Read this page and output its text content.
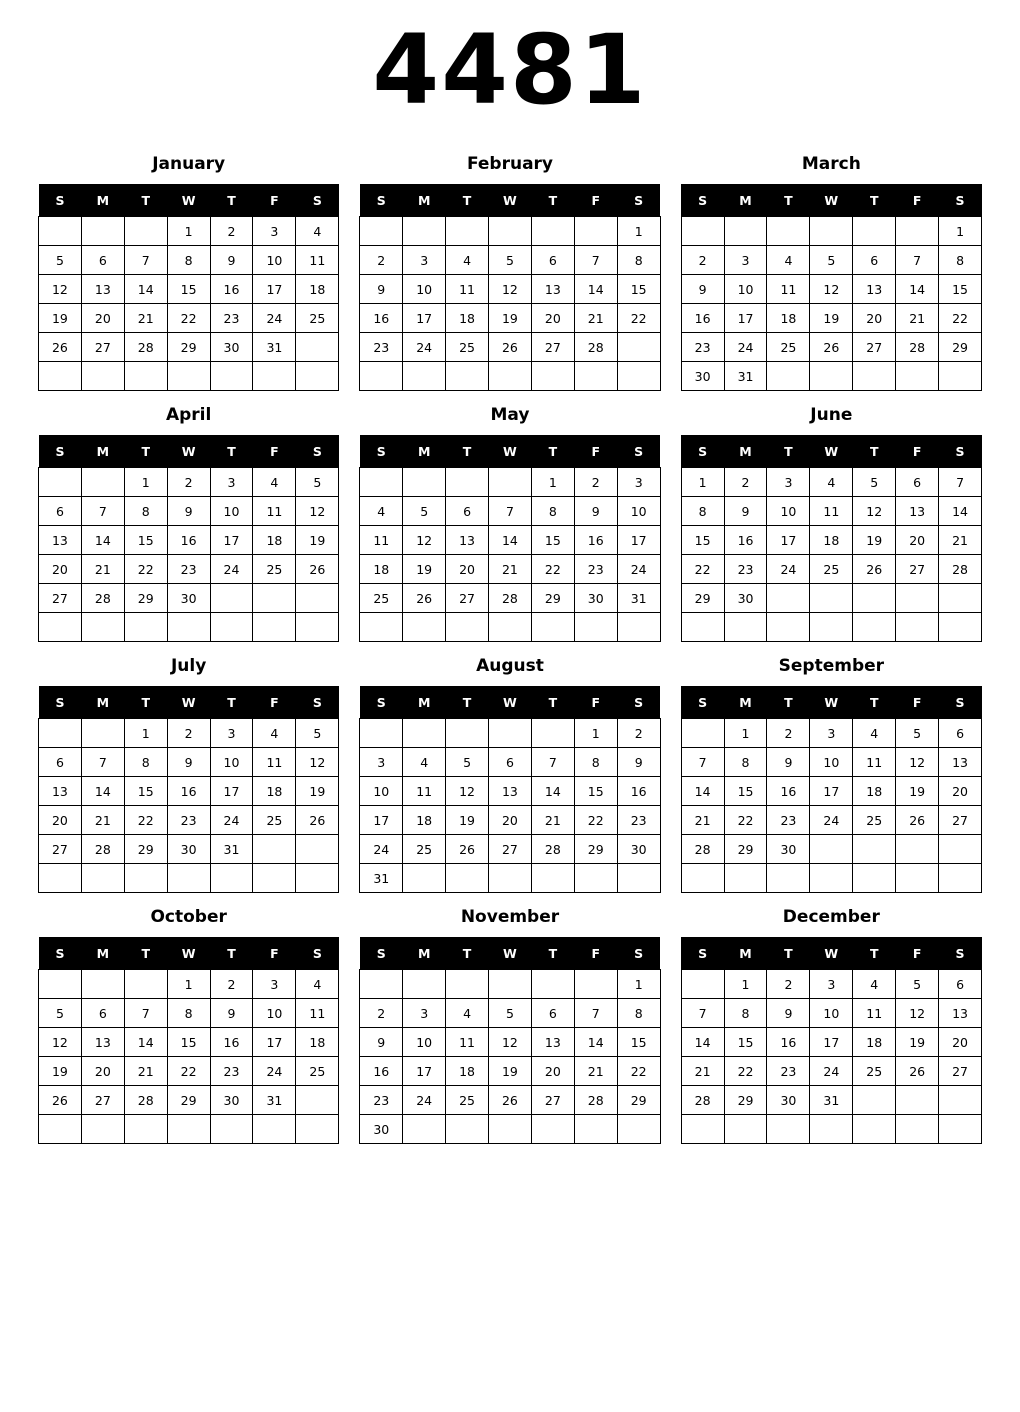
4481
January
S	M	T	W	T	F	S
			1	2	3	4
5	6	7	8	9	10	11
12	13	14	15	16	17	18
19	20	21	22	23	24	25
26	27	28	29	30	31	

February
S	M	T	W	T	F	S
						1
2	3	4	5	6	7	8
9	10	11	12	13	14	15
16	17	18	19	20	21	22
23	24	25	26	27	28	

March
S	M	T	W	T	F	S
						1
2	3	4	5	6	7	8
9	10	11	12	13	14	15
16	17	18	19	20	21	22
23	24	25	26	27	28	29
30	31					
April
S	M	T	W	T	F	S
		1	2	3	4	5
6	7	8	9	10	11	12
13	14	15	16	17	18	19
20	21	22	23	24	25	26
27	28	29	30			

May
S	M	T	W	T	F	S
				1	2	3
4	5	6	7	8	9	10
11	12	13	14	15	16	17
18	19	20	21	22	23	24
25	26	27	28	29	30	31

June
S	M	T	W	T	F	S
1	2	3	4	5	6	7
8	9	10	11	12	13	14
15	16	17	18	19	20	21
22	23	24	25	26	27	28
29	30					

July
S	M	T	W	T	F	S
		1	2	3	4	5
6	7	8	9	10	11	12
13	14	15	16	17	18	19
20	21	22	23	24	25	26
27	28	29	30	31		

August
S	M	T	W	T	F	S
					1	2
3	4	5	6	7	8	9
10	11	12	13	14	15	16
17	18	19	20	21	22	23
24	25	26	27	28	29	30
31						
September
S	M	T	W	T	F	S
	1	2	3	4	5	6
7	8	9	10	11	12	13
14	15	16	17	18	19	20
21	22	23	24	25	26	27
28	29	30				

October
S	M	T	W	T	F	S
			1	2	3	4
5	6	7	8	9	10	11
12	13	14	15	16	17	18
19	20	21	22	23	24	25
26	27	28	29	30	31	

November
S	M	T	W	T	F	S
						1
2	3	4	5	6	7	8
9	10	11	12	13	14	15
16	17	18	19	20	21	22
23	24	25	26	27	28	29
30						
December
S	M	T	W	T	F	S
	1	2	3	4	5	6
7	8	9	10	11	12	13
14	15	16	17	18	19	20
21	22	23	24	25	26	27
28	29	30	31			
